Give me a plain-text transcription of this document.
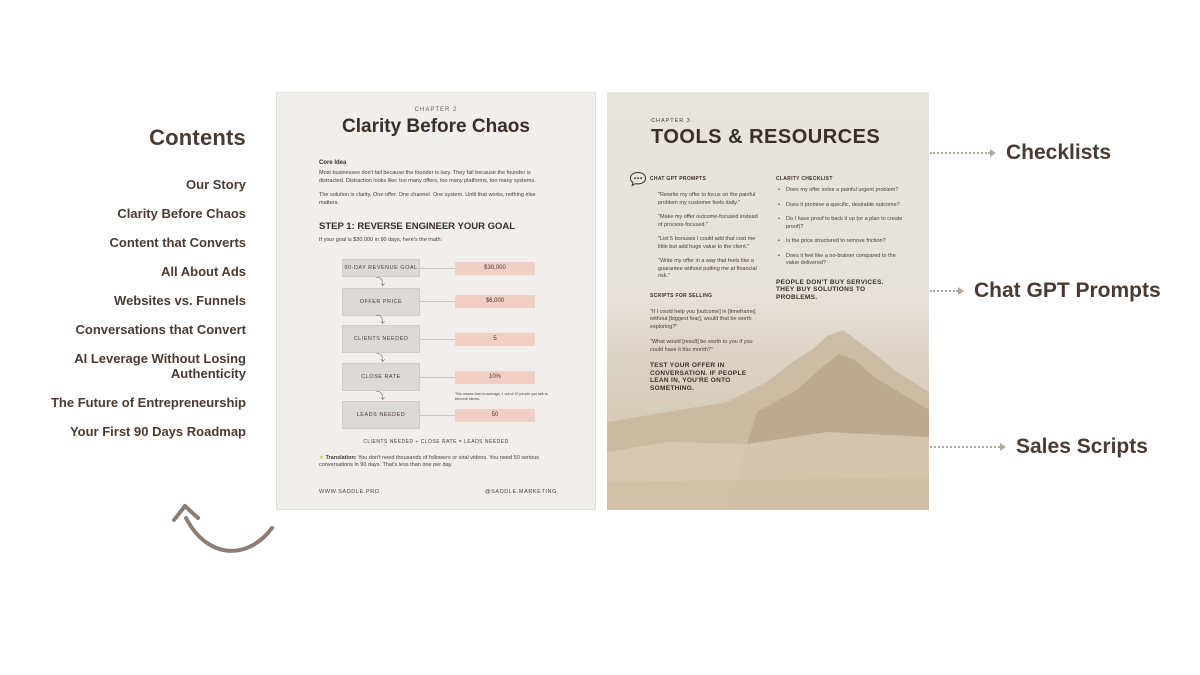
Contents
Our Story
Clarity Before Chaos
Content that Converts
All About Ads
Websites vs. Funnels
Conversations that Convert
AI Leverage Without Losing Authenticity
The Future of Entrepreneurship
Your First 90 Days Roadmap
CHAPTER 2
Clarity Before Chaos
Core Idea
Most businesses don't fail because the founder is lazy. They fail because the founder is distracted. Distraction looks like: too many offers, too many platforms, too many systems.
The solution is clarity. One offer. One channel. One system. Until that works, nothing else matters.
STEP 1: REVERSE ENGINEER YOUR GOAL
If your goal is $30,000 in 90 days, here's the math:
90-DAY REVENUE GOAL	$30,000
⤵
OFFER PRICE	$6,000
⤵
CLIENTS NEEDED	5
⤵
CLOSE RATE	10%
⤵	This means that on average, 1 out of 10 people you talk to become clients.
LEADS NEEDED	50
CLIENTS NEEDED ÷ CLOSE RATE = LEADS NEEDED
★ Translation: You don't need thousands of followers or viral videos. You need 50 serious conversations in 90 days. That's less than one per day.
WWW.SADDLE.PRO	@SADDLE.MARKETING
CHAPTER 3
TOOLS & RESOURCES
CHAT GPT PROMPTS
"Rewrite my offer to focus on the painful problem my customer feels daily."
"Make my offer outcome-focused instead of process-focused."
"List 5 bonuses I could add that cost me little but add huge value to the client."
"Write my offer in a way that feels like a guarantee without putting me at financial risk."
SCRIPTS FOR SELLING
"If I could help you [outcome] in [timeframe] without [biggest fear], would that be worth exploring?"
"What would [result] be worth to you if you could have it this month?"
TEST YOUR OFFER IN CONVERSATION. IF PEOPLE LEAN IN, YOU'RE ONTO SOMETHING.
CLARITY CHECKLIST
• Does my offer solve a painful urgent problem?
• Does it promise a specific, desirable outcome?
• Do I have proof to back it up (or a plan to create proof)?
• Is the price structured to remove friction?
• Does it feel like a no-brainer compared to the value delivered?
PEOPLE DON'T BUY SERVICES. THEY BUY SOLUTIONS TO PROBLEMS.
Checklists
Chat GPT Prompts
Sales Scripts
